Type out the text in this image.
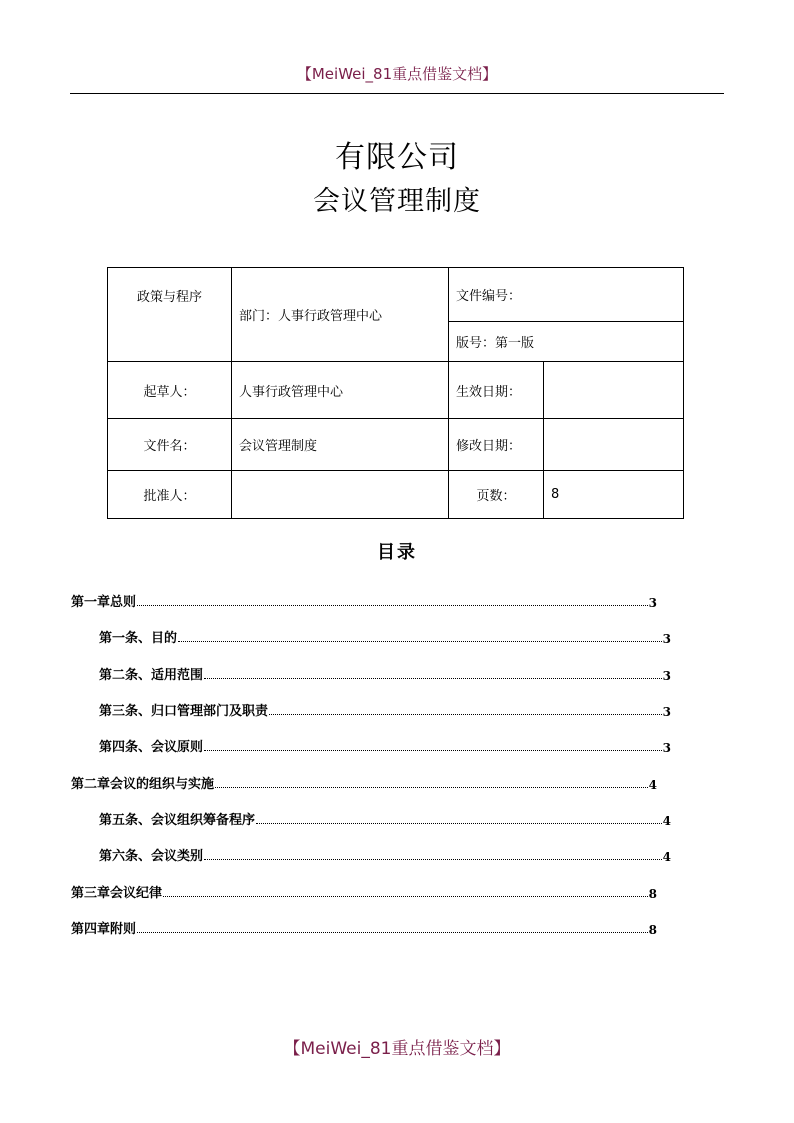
【MeiWei_81重点借鉴文档】
有限公司
会议管理制度
政策与程序	部门：人事行政管理中心	文件编号：	
		版号：第一版	
起草人：	人事行政管理中心	生效日期：	
文件名：	会议管理制度	修改日期：	
批准人：		页数：	8
目录
第一章总则	3
第一条、目的	3
第二条、适用范围	3
第三条、归口管理部门及职责	3
第四条、会议原则	3
第二章会议的组织与实施	4
第五条、会议组织筹备程序	4
第六条、会议类别	4
第三章会议纪律	8
第四章附则	8
【MeiWei_81重点借鉴文档】
